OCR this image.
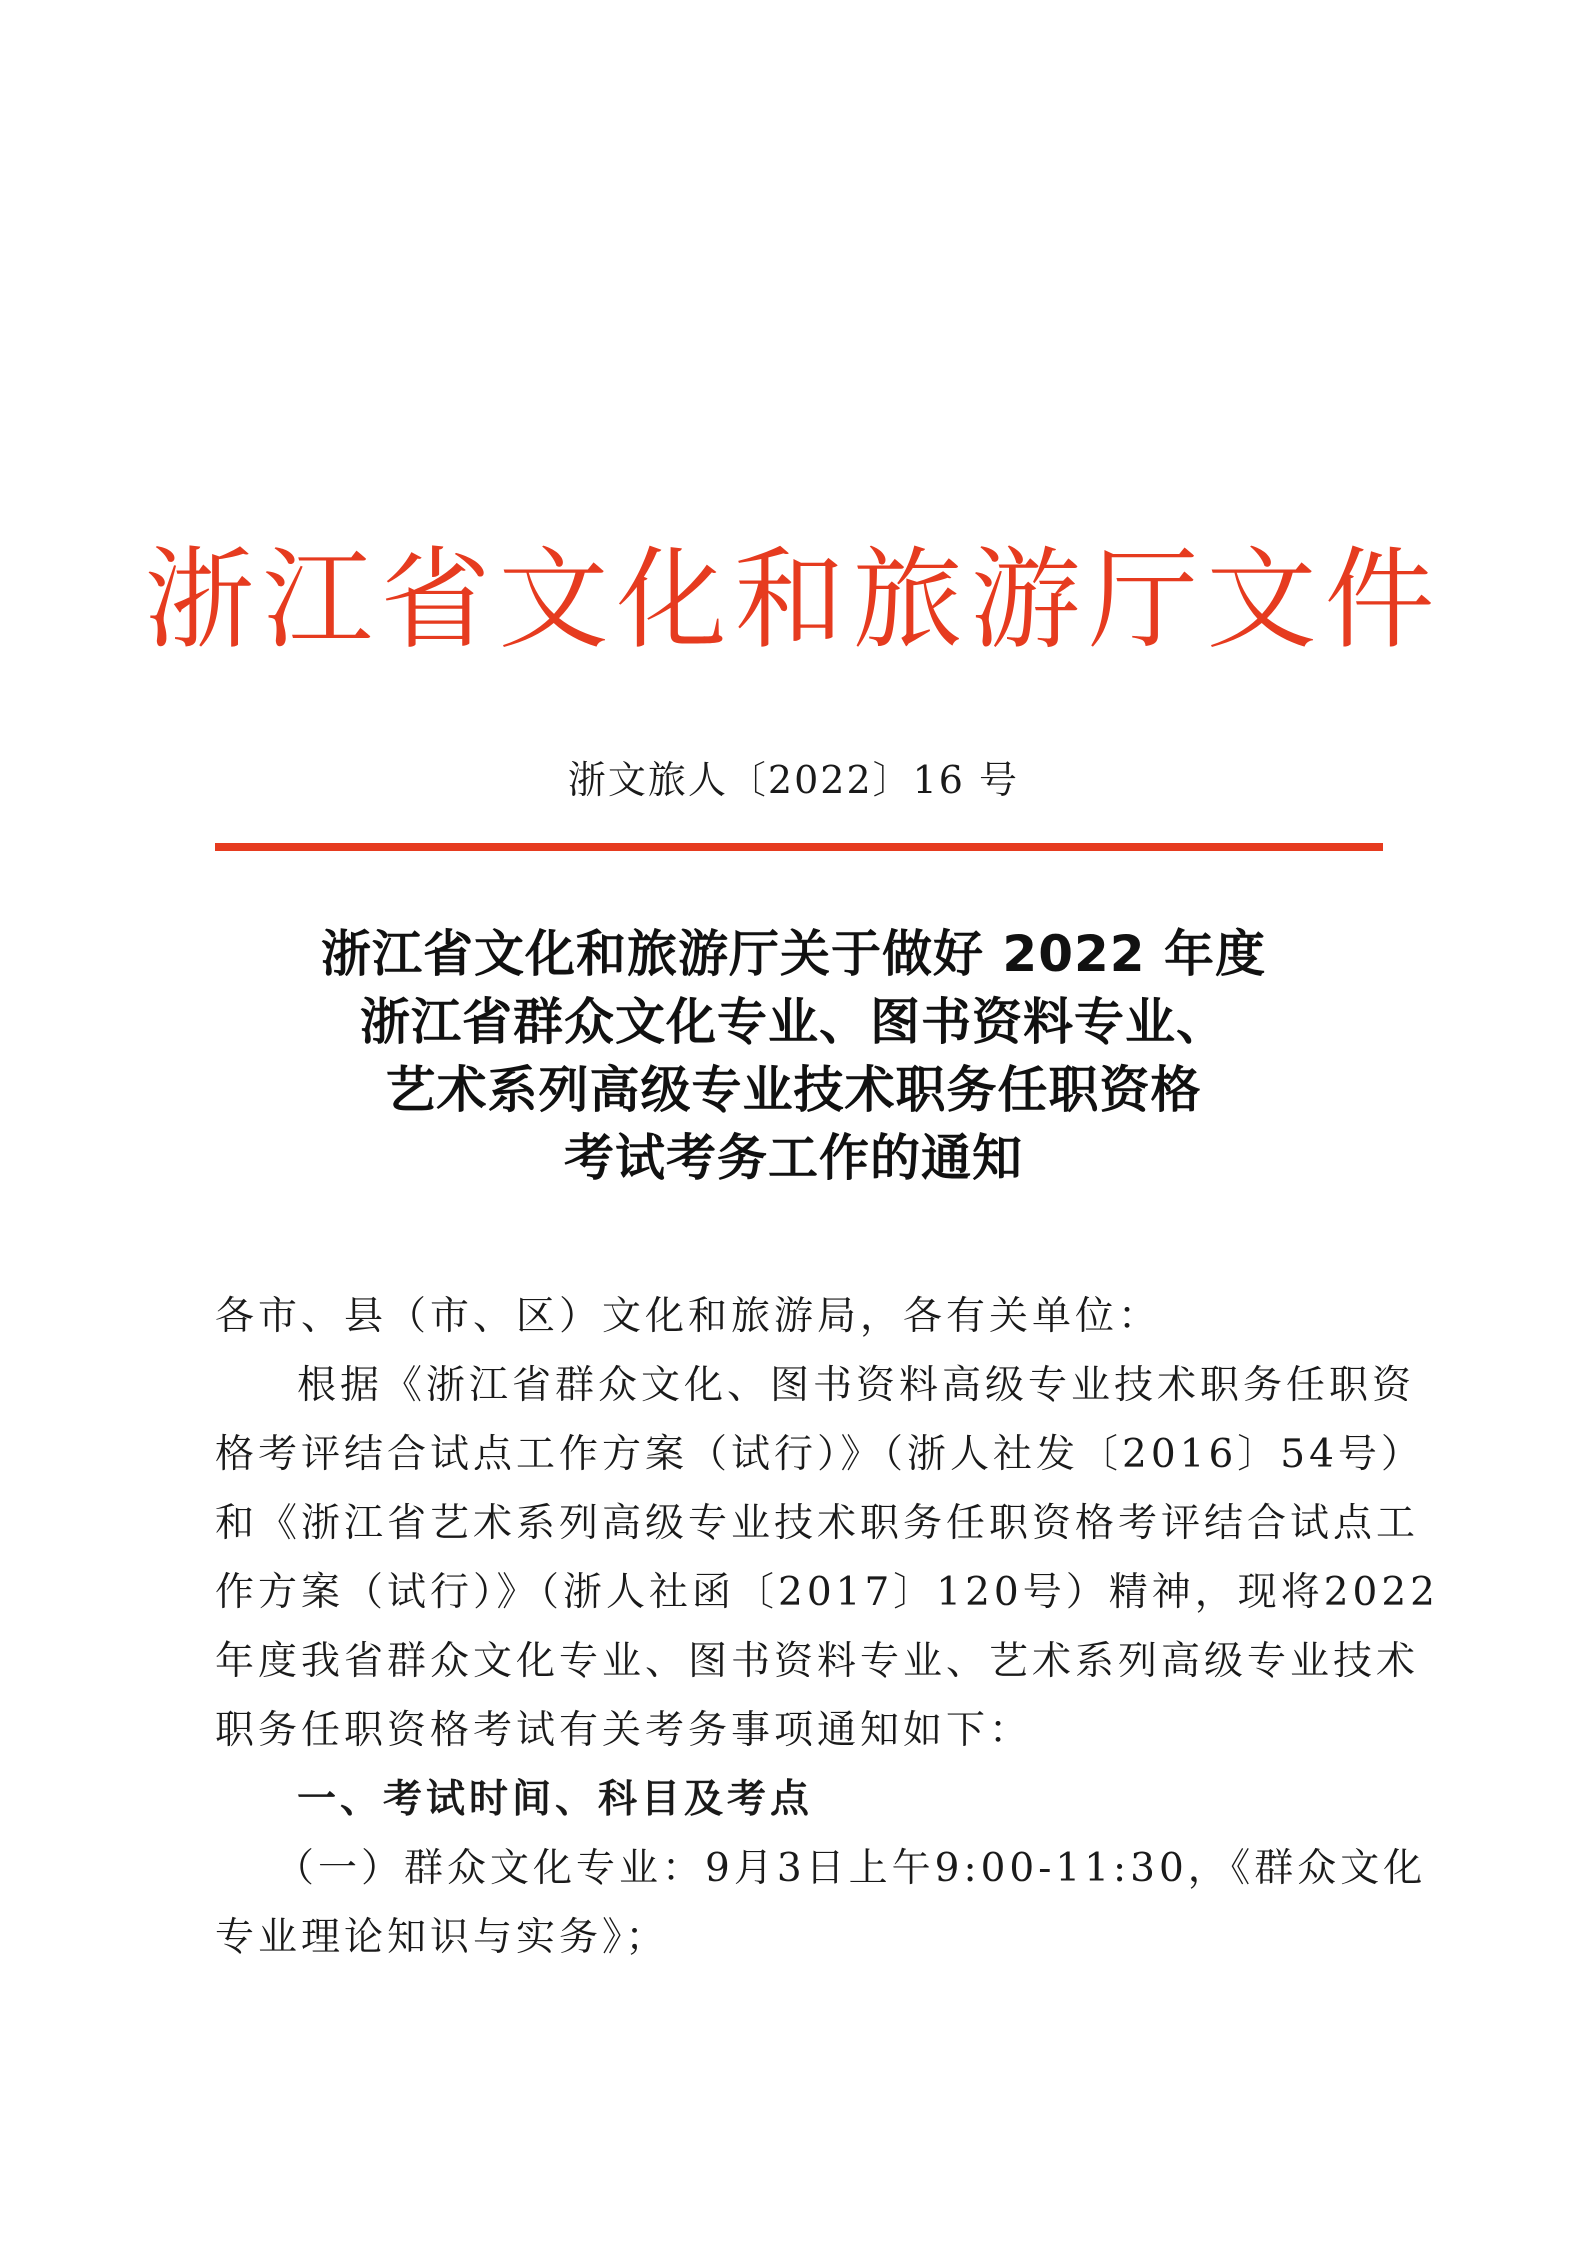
浙江省文化和旅游厅文件
浙文旅人〔2022〕16 号
浙江省文化和旅游厅关于做好 2022 年度
浙江省群众文化专业、图书资料专业、
艺术系列高级专业技术职务任职资格
考试考务工作的通知

各市、县（市、区）文化和旅游局，各有关单位：

根据《浙江省群众文化、图书资料高级专业技术职务任职资

格考评结合试点工作方案（试行）》（浙人社发〔2016〕54号）

和《浙江省艺术系列高级专业技术职务任职资格考评结合试点工

作方案（试行）》（浙人社函〔2017〕120号）精神，现将2022

年度我省群众文化专业、图书资料专业、艺术系列高级专业技术

职务任职资格考试有关考务事项通知如下：

一、考试时间、科目及考点

（一）群众文化专业：9月3日上午9:00-11:30，《群众文化

专业理论知识与实务》；
